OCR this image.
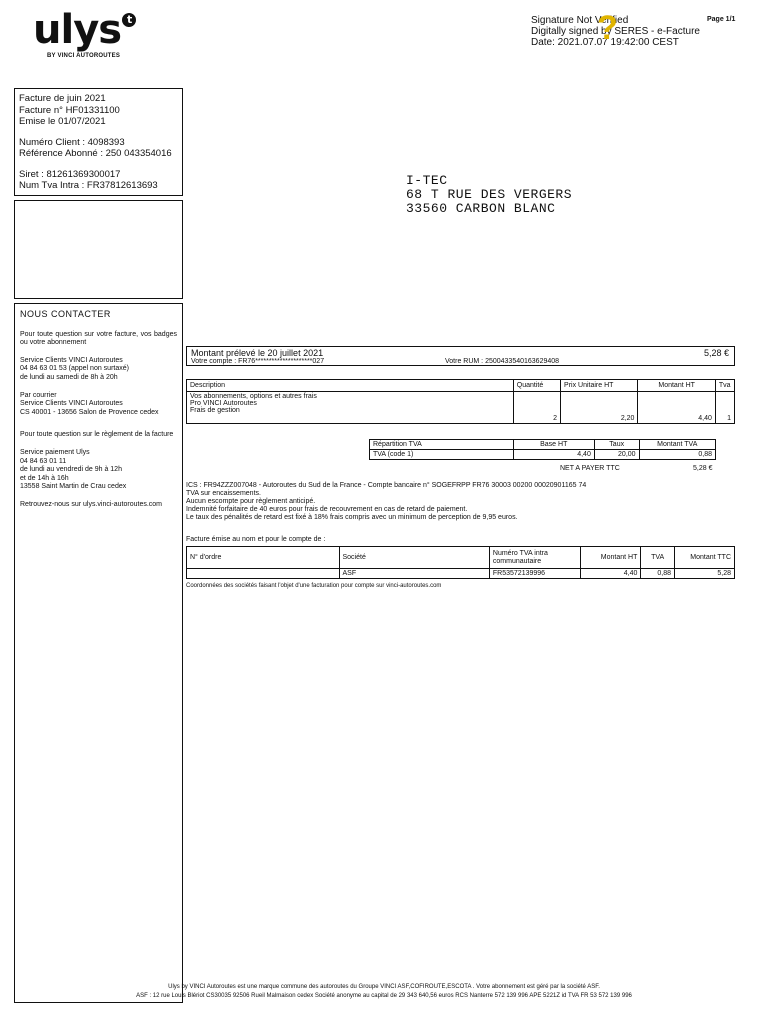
ulys t
BY VINCI AUTOROUTES
Signature Not Verified
Digitally signed by SERES - e-Facture
Date: 2021.07.07 19:42:00 CEST
?	Page 1/1

Facture de juin 2021

Facture n° HF01331100

Emise le 01/07/2021

Numéro Client : 4098393

Référence Abonné : 250 043354016

Siret : 81261369300017

Num Tva Intra : FR37812613693

NOUS CONTACTER
Pour toute question sur votre facture, vos badges ou votre abonnement
Service Clients VINCI Autoroutes
04 84 63 01 53 (appel non surtaxé)
de lundi au samedi de 8h à 20h
Par courrier
Service Clients VINCI Autoroutes
CS 40001 - 13656 Salon de Provence cedex
Pour toute question sur le règlement de la facture
Service paiement Ulys
04 84 63 01 11
de lundi au vendredi de 9h à 12h
et de 14h à 16h
13558 Saint Martin de Crau cedex
Retrouvez-nous sur ulys.vinci-autoroutes.com
I-TEC
68 T RUE DES VERGERS
33560 CARBON BLANC
Montant prélevé le 20 juillet 2021	5,28 €
Votre compte : FR76*********************027	Votre RUM : 2500433540163629408
Description	Quantité	Prix Unitaire HT	Montant HT	Tva

Vos abonnements, options et autres frais
Pro VINCI Autoroutes
Frais de gestion	2	2,20	4,40	1
Répartition TVA	Base HT	Taux	Montant TVA
TVA (code 1)	4,40	20,00	0,88
NET A PAYER TTC	5,28 €
ICS : FR94ZZZ007048 - Autoroutes du Sud de la France - Compte bancaire n° SOGEFRPP FR76 30003 00200 00020901165 74
TVA sur encaissements.
Aucun escompte pour règlement anticipé.
Indemnité forfaitaire de 40 euros pour frais de recouvrement en cas de retard de paiement.
Le taux des pénalités de retard est fixé à 18% frais compris avec un minimum de perception de 9,95 euros.
Facture émise au nom et pour le compte de :
N° d'ordre	Société	Numéro TVA intra communautaire	Montant HT	TVA	Montant TTC
	ASF	FR53572139996	4,40	0,88	5,28
Coordonnées des sociétés faisant l'objet d'une facturation pour compte sur vinci-autoroutes.com
Ulys by VINCI Autoroutes est une marque commune des autoroutes du Groupe VINCI ASF,COFIROUTE,ESCOTA . Votre abonnement est géré par la société ASF.
ASF : 12 rue Louis Blériot CS30035 92506 Rueil Malmaison cedex Société anonyme au capital de 29 343 640,56 euros RCS Nanterre 572 139 996 APE 5221Z id TVA FR 53 572 139 996
